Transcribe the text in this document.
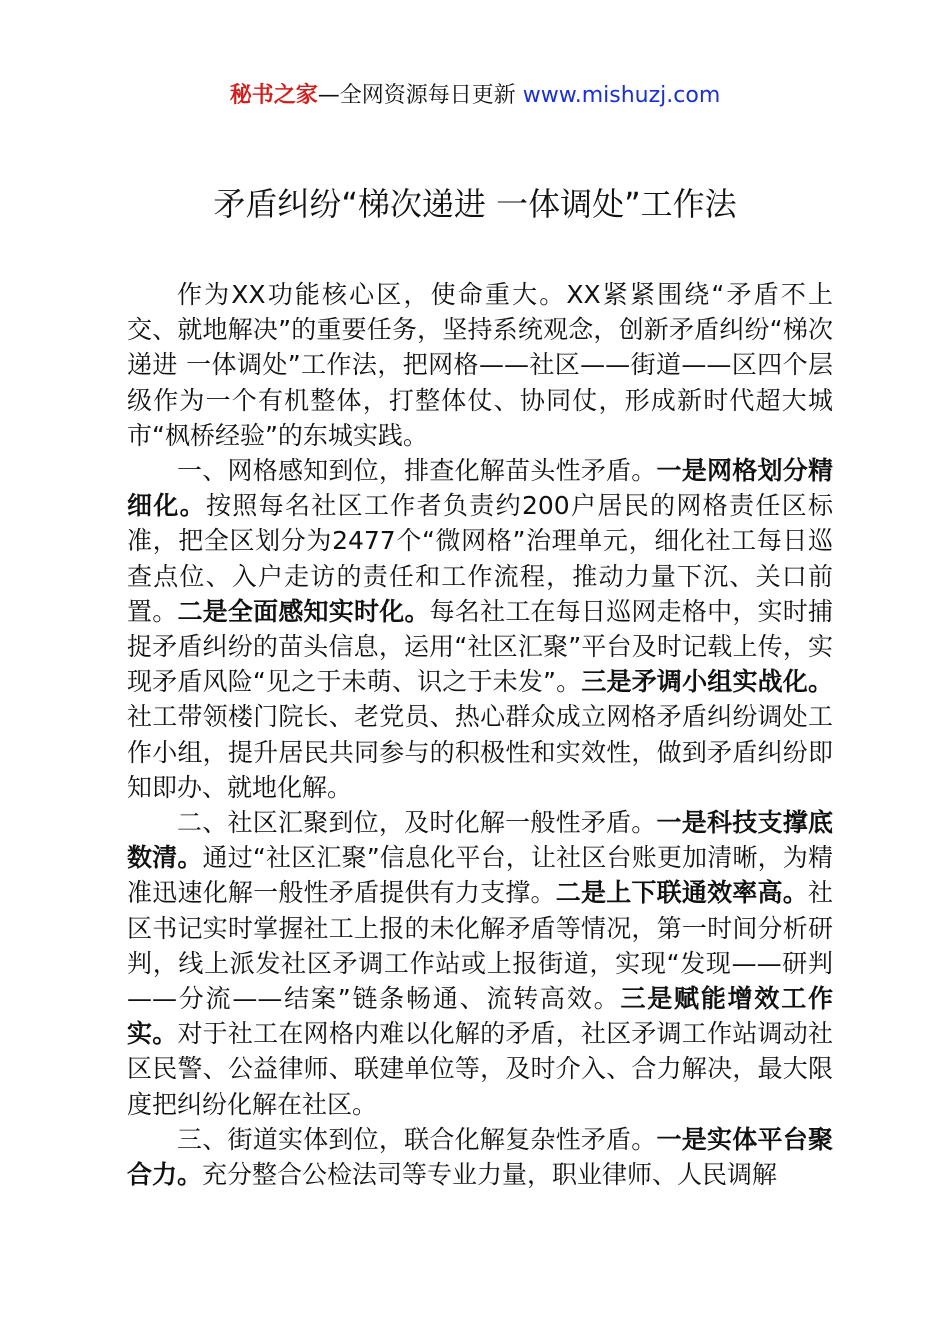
秘书之家—全网资源每日更新 www.mishuzj.com
矛盾纠纷“梯次递进 一体调处”工作法

作为XX功能核心区，使命重大。XX紧紧围绕“矛盾不上交、就地解决”的重要任务，坚持系统观念，创新矛盾纠纷“梯次递进 一体调处”工作法，把网格——社区——街道——区四个层级作为一个有机整体，打整体仗、协同仗，形成新时代超大城市“枫桥经验”的东城实践。

一、网格感知到位，排查化解苗头性矛盾。一是网格划分精细化。按照每名社区工作者负责约200户居民的网格责任区标准，把全区划分为2477个“微网格”治理单元，细化社工每日巡查点位、入户走访的责任和工作流程，推动力量下沉、关口前置。二是全面感知实时化。每名社工在每日巡网走格中，实时捕捉矛盾纠纷的苗头信息，运用“社区汇聚”平台及时记载上传，实现矛盾风险“见之于未萌、识之于未发”。三是矛调小组实战化。社工带领楼门院长、老党员、热心群众成立网格矛盾纠纷调处工作小组，提升居民共同参与的积极性和实效性，做到矛盾纠纷即知即办、就地化解。

二、社区汇聚到位，及时化解一般性矛盾。一是科技支撑底数清。通过“社区汇聚”信息化平台，让社区台账更加清晰，为精准迅速化解一般性矛盾提供有力支撑。二是上下联通效率高。社区书记实时掌握社工上报的未化解矛盾等情况，第一时间分析研判，线上派发社区矛调工作站或上报街道，实现“发现——研判——分流——结案”链条畅通、流转高效。三是赋能增效工作实。对于社工在网格内难以化解的矛盾，社区矛调工作站调动社区民警、公益律师、联建单位等，及时介入、合力解决，最大限度把纠纷化解在社区。

三、街道实体到位，联合化解复杂性矛盾。一是实体平台聚合力。充分整合公检法司等专业力量，职业律师、人民调解
